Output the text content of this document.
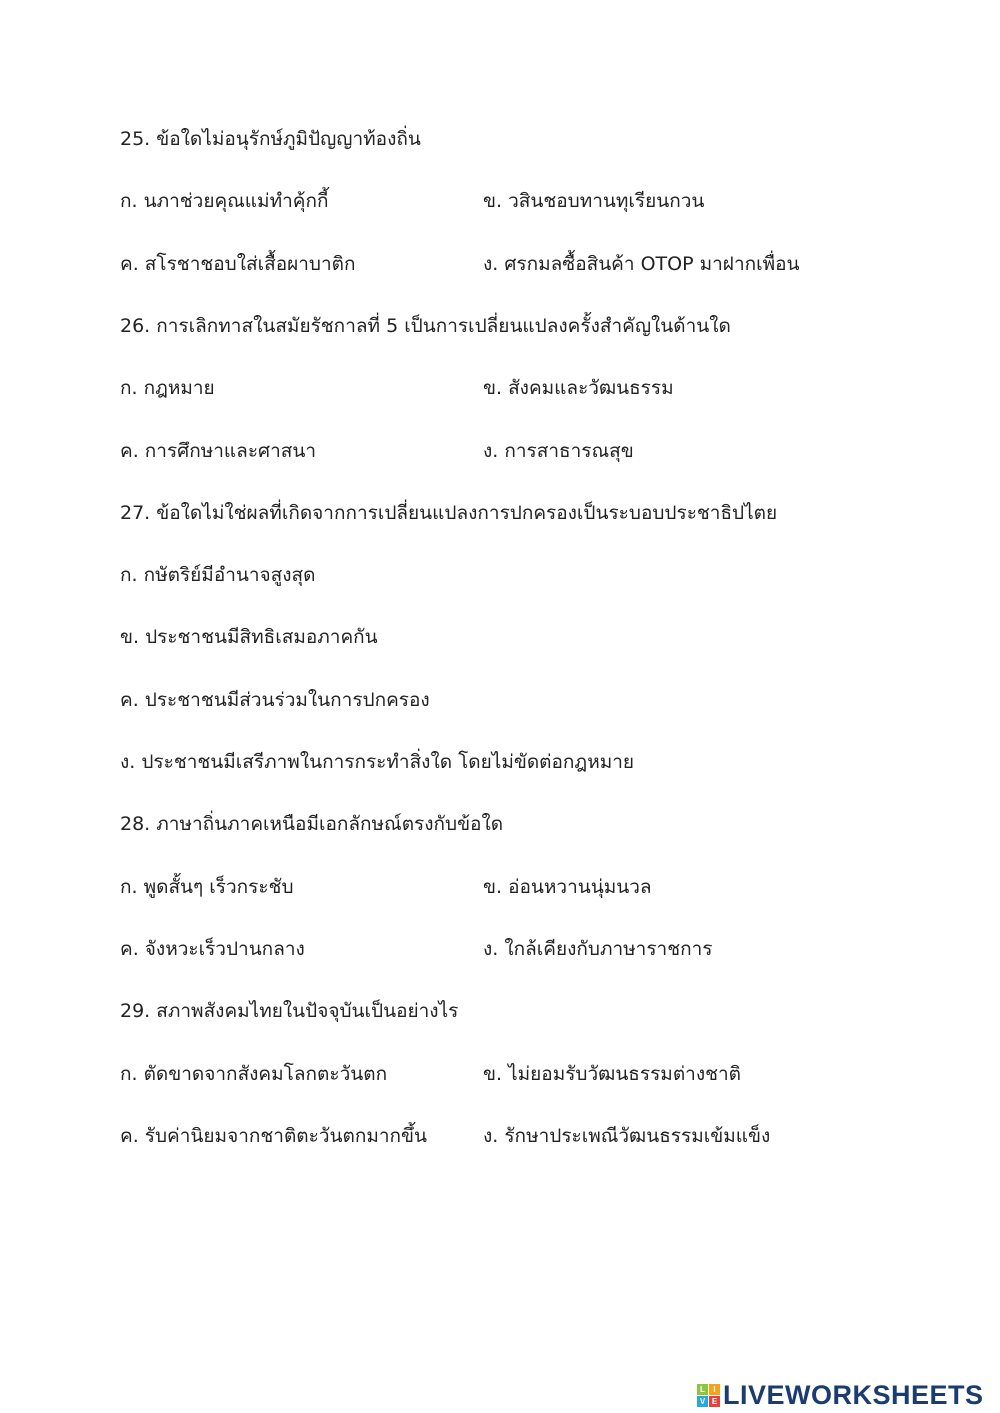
25. ข้อใดไม่อนุรักษ์ภูมิปัญญาท้องถิ่น
ก. นภาช่วยคุณแม่ทำคุ้กกี้	ข. วสินชอบทานทุเรียนกวน
ค. สโรชาชอบใส่เสื้อผาบาติก	ง. ศรกมลซื้อสินค้า OTOP มาฝากเพื่อน
26. การเลิกทาสในสมัยรัชกาลที่ 5 เป็นการเปลี่ยนแปลงครั้งสำคัญในด้านใด
ก. กฎหมาย	ข. สังคมและวัฒนธรรม
ค. การศึกษาและศาสนา	ง. การสาธารณสุข
27. ข้อใดไม่ใช่ผลที่เกิดจากการเปลี่ยนแปลงการปกครองเป็นระบอบประชาธิปไตย
ก. กษัตริย์มีอำนาจสูงสุด
ข. ประชาชนมีสิทธิเสมอภาคกัน
ค. ประชาชนมีส่วนร่วมในการปกครอง
ง. ประชาชนมีเสรีภาพในการกระทำสิ่งใด โดยไม่ขัดต่อกฎหมาย
28. ภาษาถิ่นภาคเหนือมีเอกลักษณ์ตรงกับข้อใด
ก. พูดสั้นๆ เร็วกระชับ	ข. อ่อนหวานนุ่มนวล
ค. จังหวะเร็วปานกลาง	ง. ใกล้เคียงกับภาษาราชการ
29. สภาพสังคมไทยในปัจจุบันเป็นอย่างไร
ก. ตัดขาดจากสังคมโลกตะวันตก	ข. ไม่ยอมรับวัฒนธรรมต่างชาติ
ค. รับค่านิยมจากชาติตะวันตกมากขึ้น	ง. รักษาประเพณีวัฒนธรรมเข้มแข็ง
L	I
V E LIVEWORKSHEETS
